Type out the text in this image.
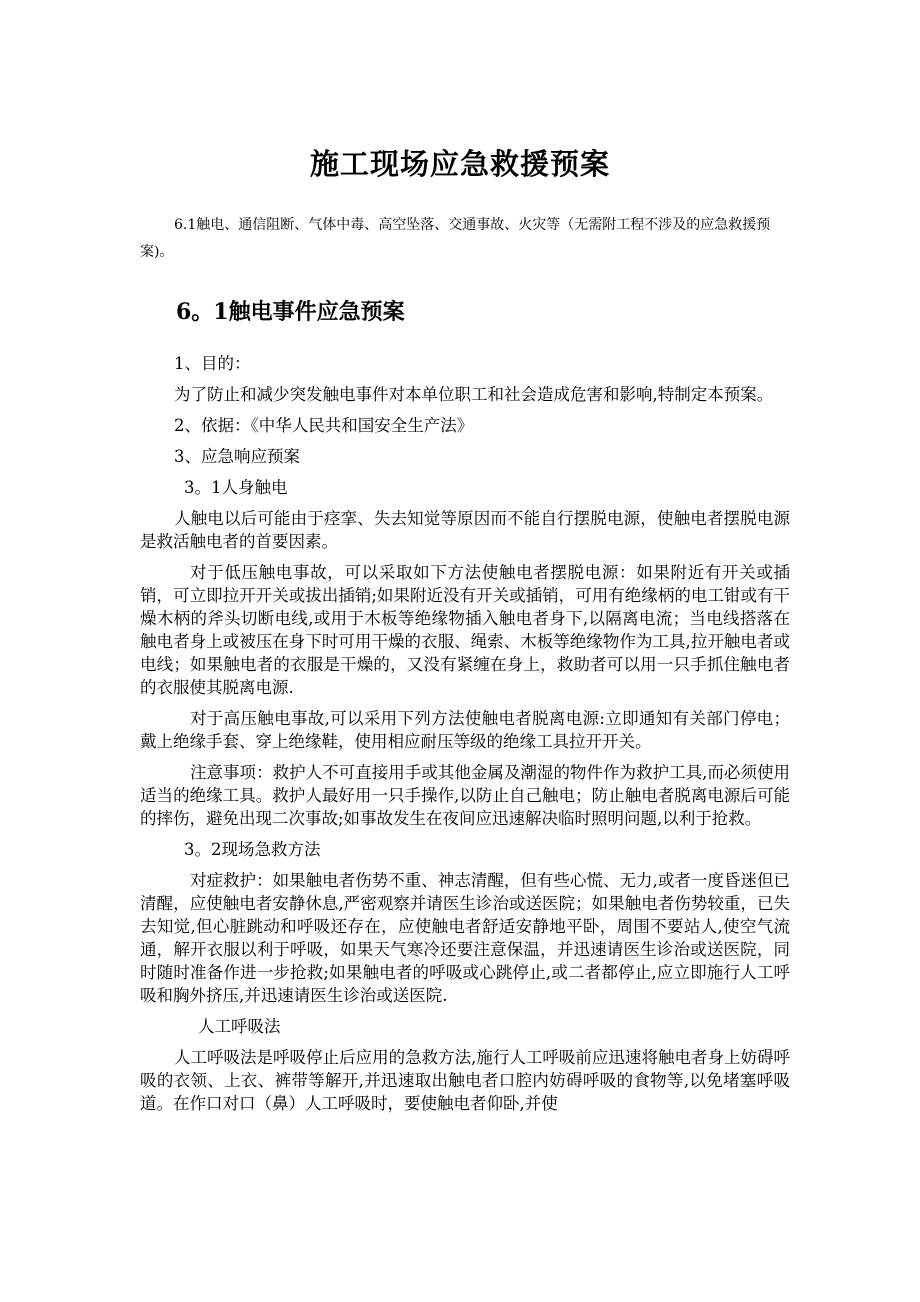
施工现场应急救援预案
6.1触电、通信阻断、气体中毒、高空坠落、交通事故、火灾等（无需附工程不涉及的应急救援预案)。
6。1触电事件应急预案

1、目的：

为了防止和减少突发触电事件对本单位职工和社会造成危害和影响,特制定本预案。

2、依据：《中华人民共和国安全生产法》

3、应急响应预案

3。1人身触电

人触电以后可能由于痉挛、失去知觉等原因而不能自行摆脱电源，使触电者摆脱电源是救活触电者的首要因素。

对于低压触电事故，可以采取如下方法使触电者摆脱电源：如果附近有开关或插销，可立即拉开开关或拔出插销;如果附近没有开关或插销，可用有绝缘柄的电工钳或有干燥木柄的斧头切断电线,或用于木板等绝缘物插入触电者身下,以隔离电流；当电线搭落在触电者身上或被压在身下时可用干燥的衣服、绳索、木板等绝缘物作为工具,拉开触电者或电线；如果触电者的衣服是干燥的，又没有紧缠在身上，救助者可以用一只手抓住触电者的衣服使其脱离电源.

对于高压触电事故,可以采用下列方法使触电者脱离电源:立即通知有关部门停电；戴上绝缘手套、穿上绝缘鞋，使用相应耐压等级的绝缘工具拉开开关。

注意事项：救护人不可直接用手或其他金属及潮湿的物件作为救护工具,而必须使用适当的绝缘工具。救护人最好用一只手操作,以防止自己触电；防止触电者脱离电源后可能的摔伤，避免出现二次事故;如事故发生在夜间应迅速解决临时照明问题,以利于抢救。

3。2现场急救方法

对症救护：如果触电者伤势不重、神志清醒，但有些心慌、无力,或者一度昏迷但已清醒，应使触电者安静休息,严密观察并请医生诊治或送医院；如果触电者伤势较重，已失去知觉,但心脏跳动和呼吸还存在，应使触电者舒适安静地平卧，周围不要站人,使空气流通，解开衣服以利于呼吸，如果天气寒冷还要注意保温，并迅速请医生诊治或送医院，同时随时准备作进一步抢救;如果触电者的呼吸或心跳停止,或二者都停止,应立即施行人工呼吸和胸外挤压,并迅速请医生诊治或送医院.

人工呼吸法

人工呼吸法是呼吸停止后应用的急救方法,施行人工呼吸前应迅速将触电者身上妨碍呼吸的衣领、上衣、裤带等解开,并迅速取出触电者口腔内妨碍呼吸的食物等,以免堵塞呼吸道。在作口对口（鼻）人工呼吸时，要使触电者仰卧,并使
